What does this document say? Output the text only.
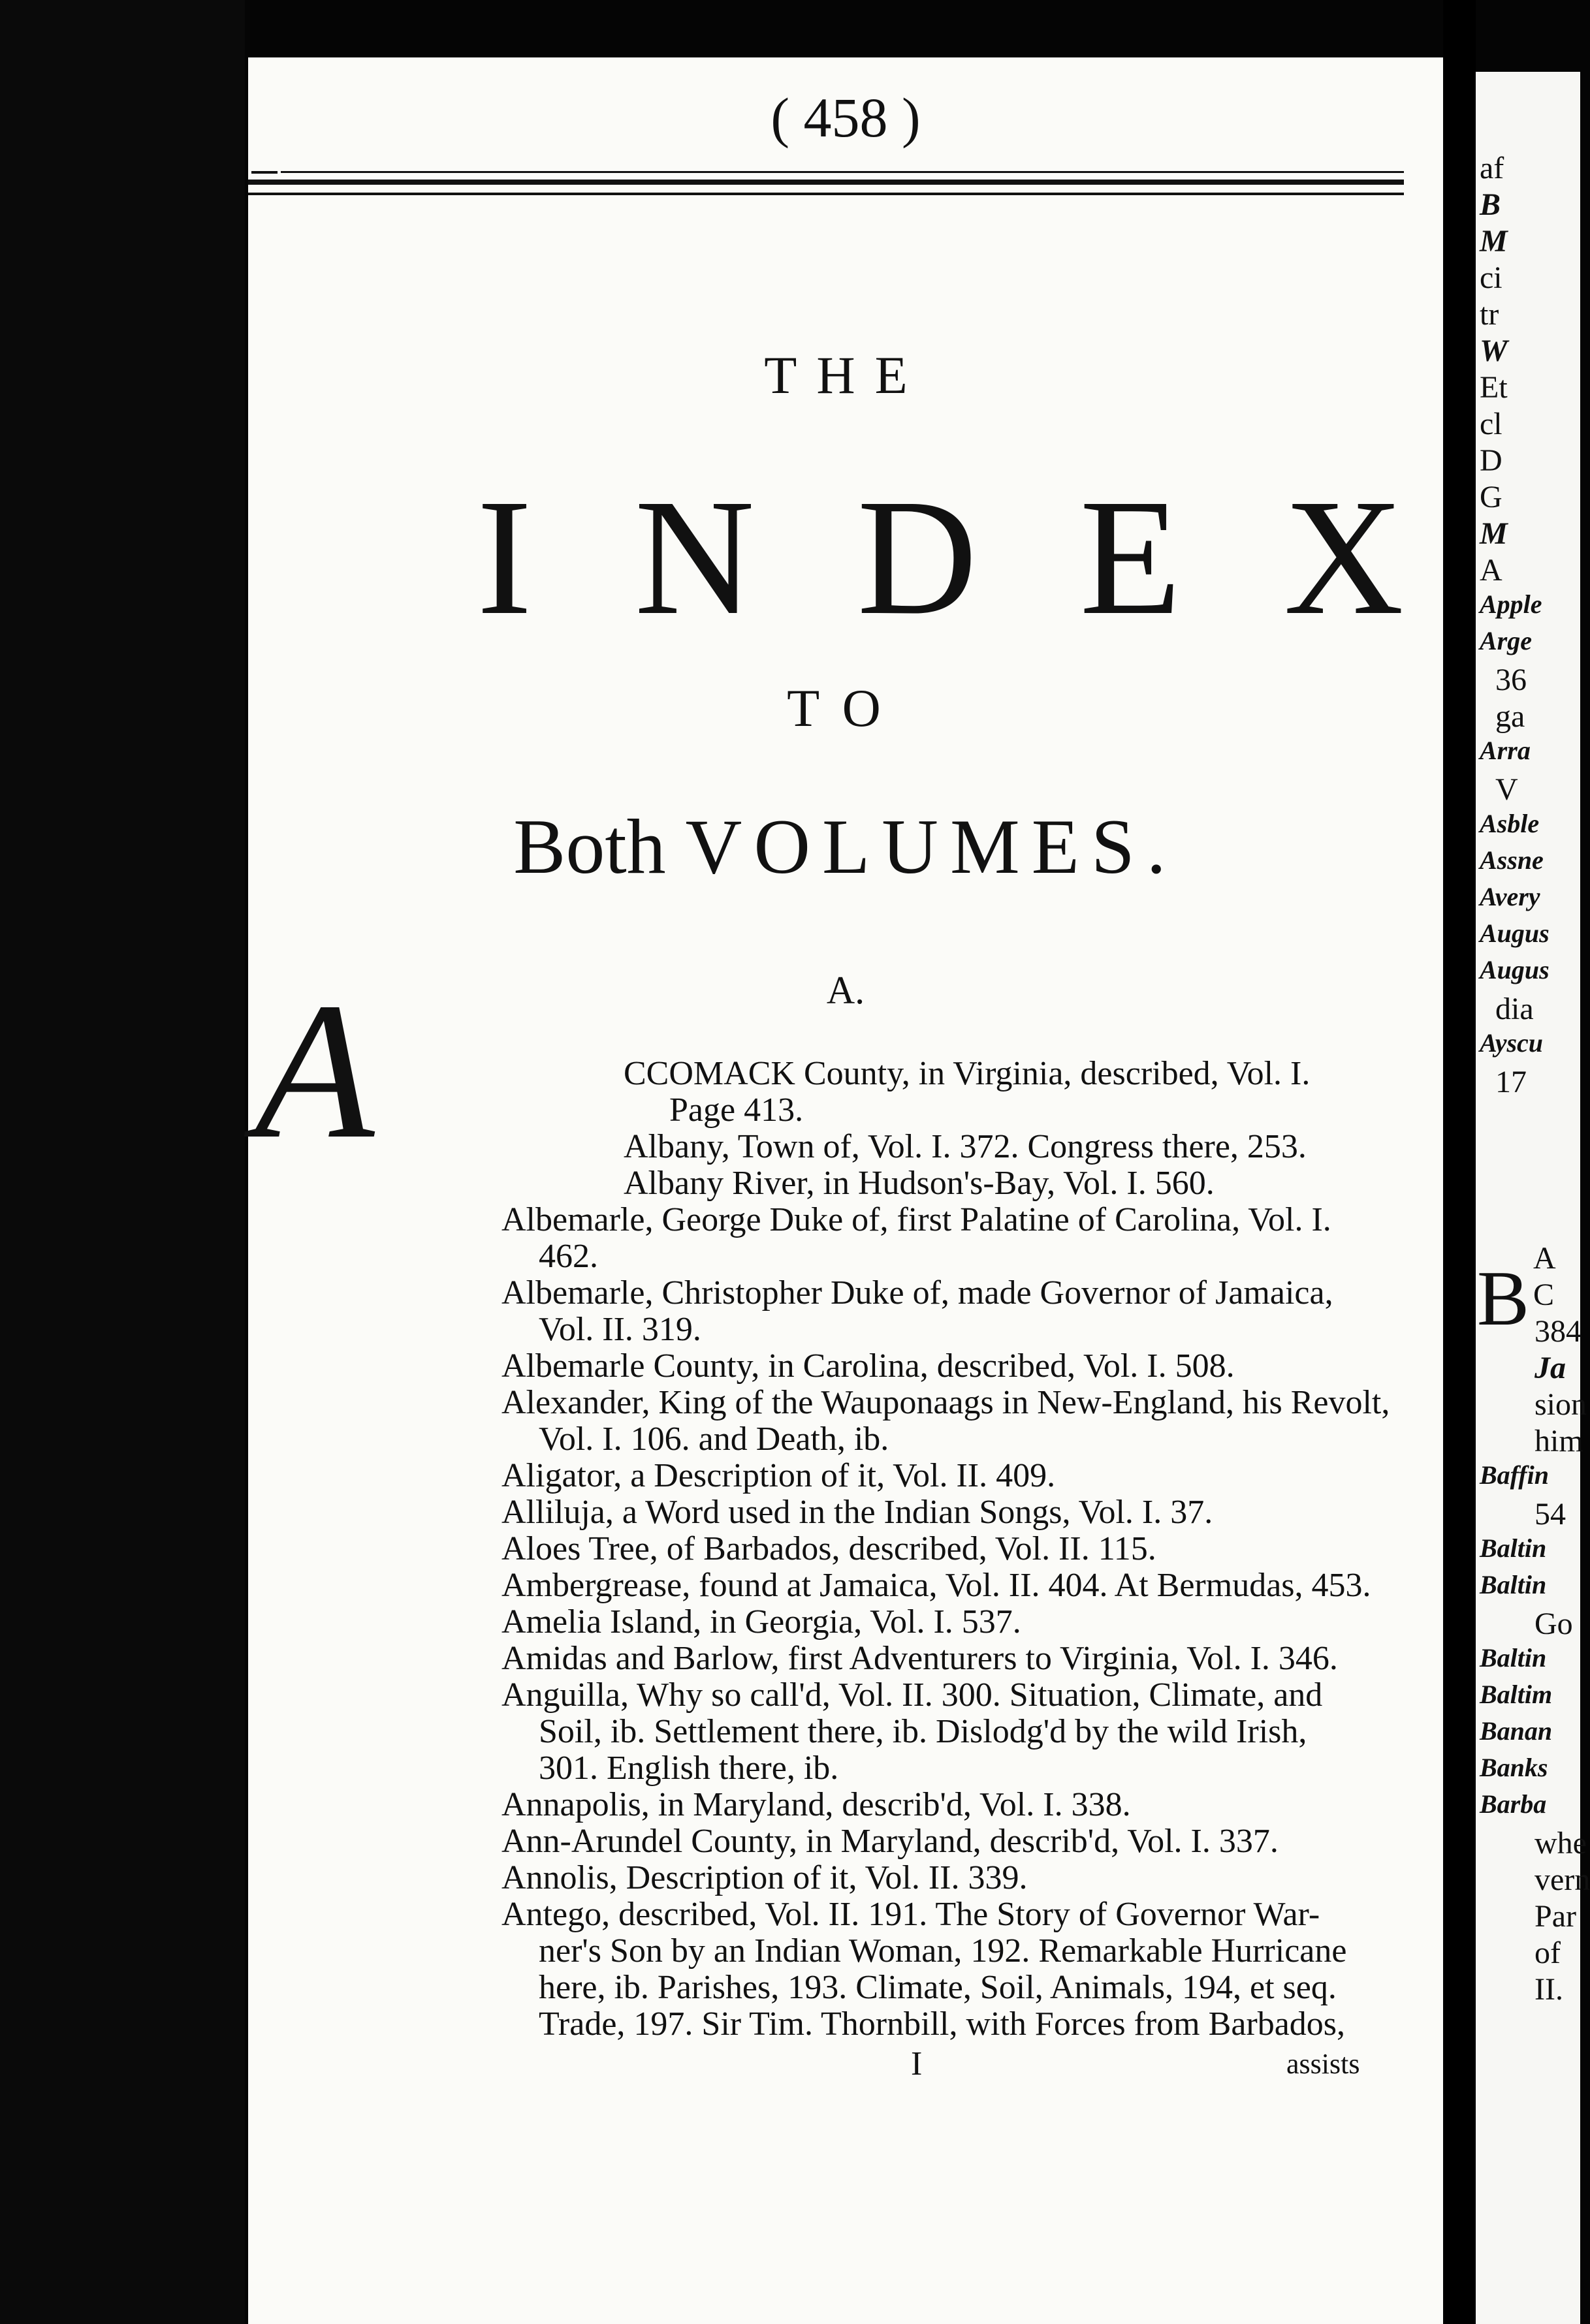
( 458 )
THE
I N D E X
TO
Both VOLUMES.
A.
CCOMACK County, in Virginia, described, Vol. I.
Page 413.
Albany, Town of, Vol. I. 372. Congress there, 253.
Albany River, in Hudson's-Bay, Vol. I. 560.
Albemarle, George Duke of, first Palatine of Carolina, Vol. I.
462.
Albemarle, Christopher Duke of, made Governor of Jamaica,
Vol. II. 319.
Albemarle County, in Carolina, described, Vol. I. 508.
Alexander, King of the Wauponaags in New-England, his Revolt,
Vol. I. 106. and Death, ib.
Aligator, a Description of it, Vol. II. 409.
Alliluja, a Word used in the Indian Songs, Vol. I. 37.
Aloes Tree, of Barbados, described, Vol. II. 115.
Ambergrease, found at Jamaica, Vol. II. 404. At Bermudas, 453.
Amelia Island, in Georgia, Vol. I. 537.
Amidas and Barlow, first Adventurers to Virginia, Vol. I. 346.
Anguilla, Why so call'd, Vol. II. 300. Situation, Climate, and
Soil, ib. Settlement there, ib. Dislodg'd by the wild Irish,
301. English there, ib.
Annapolis, in Maryland, describ'd, Vol. I. 338.
Ann-Arundel County, in Maryland, describ'd, Vol. I. 337.
Annolis, Description of it, Vol. II. 339.
Antego, described, Vol. II. 191. The Story of Governor War-
ner's Son by an Indian Woman, 192. Remarkable Hurricane
here, ib. Parishes, 193. Climate, Soil, Animals, 194, et seq.
Trade, 197. Sir Tim. Thornbill, with Forces from Barbados,
I	assists
A
af
B
M
ci
tr
W
Et
cl
D
G
M
A
Apple
Arge
36
ga
Arra
V
Asble
Assne
Avery
Augus
Augus
dia
Ayscu
17
B A
C
384
Ja
sion
him
Baffin
54
Baltin
Baltin
Go
Baltin
Baltim
Banan
Banks
Barba
whe
vern
Par
of
II.
